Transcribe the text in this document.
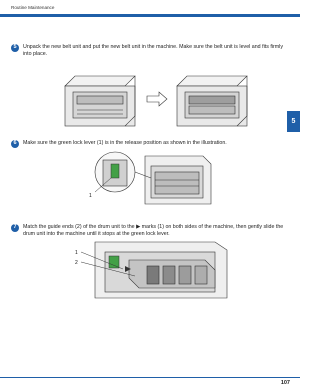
Routine Maintenance
5
5	Unpack the new belt unit and put the new belt unit in the machine. Make sure the belt unit is level and fits firmly into place.
6	Make sure the green lock lever (1) is in the release position as shown in the illustration.
1
7	Match the guide ends (2) of the drum unit to the ▶ marks (1) on both sides of the machine, then gently slide the drum unit into the machine until it stops at the green lock lever.
1
2
107
